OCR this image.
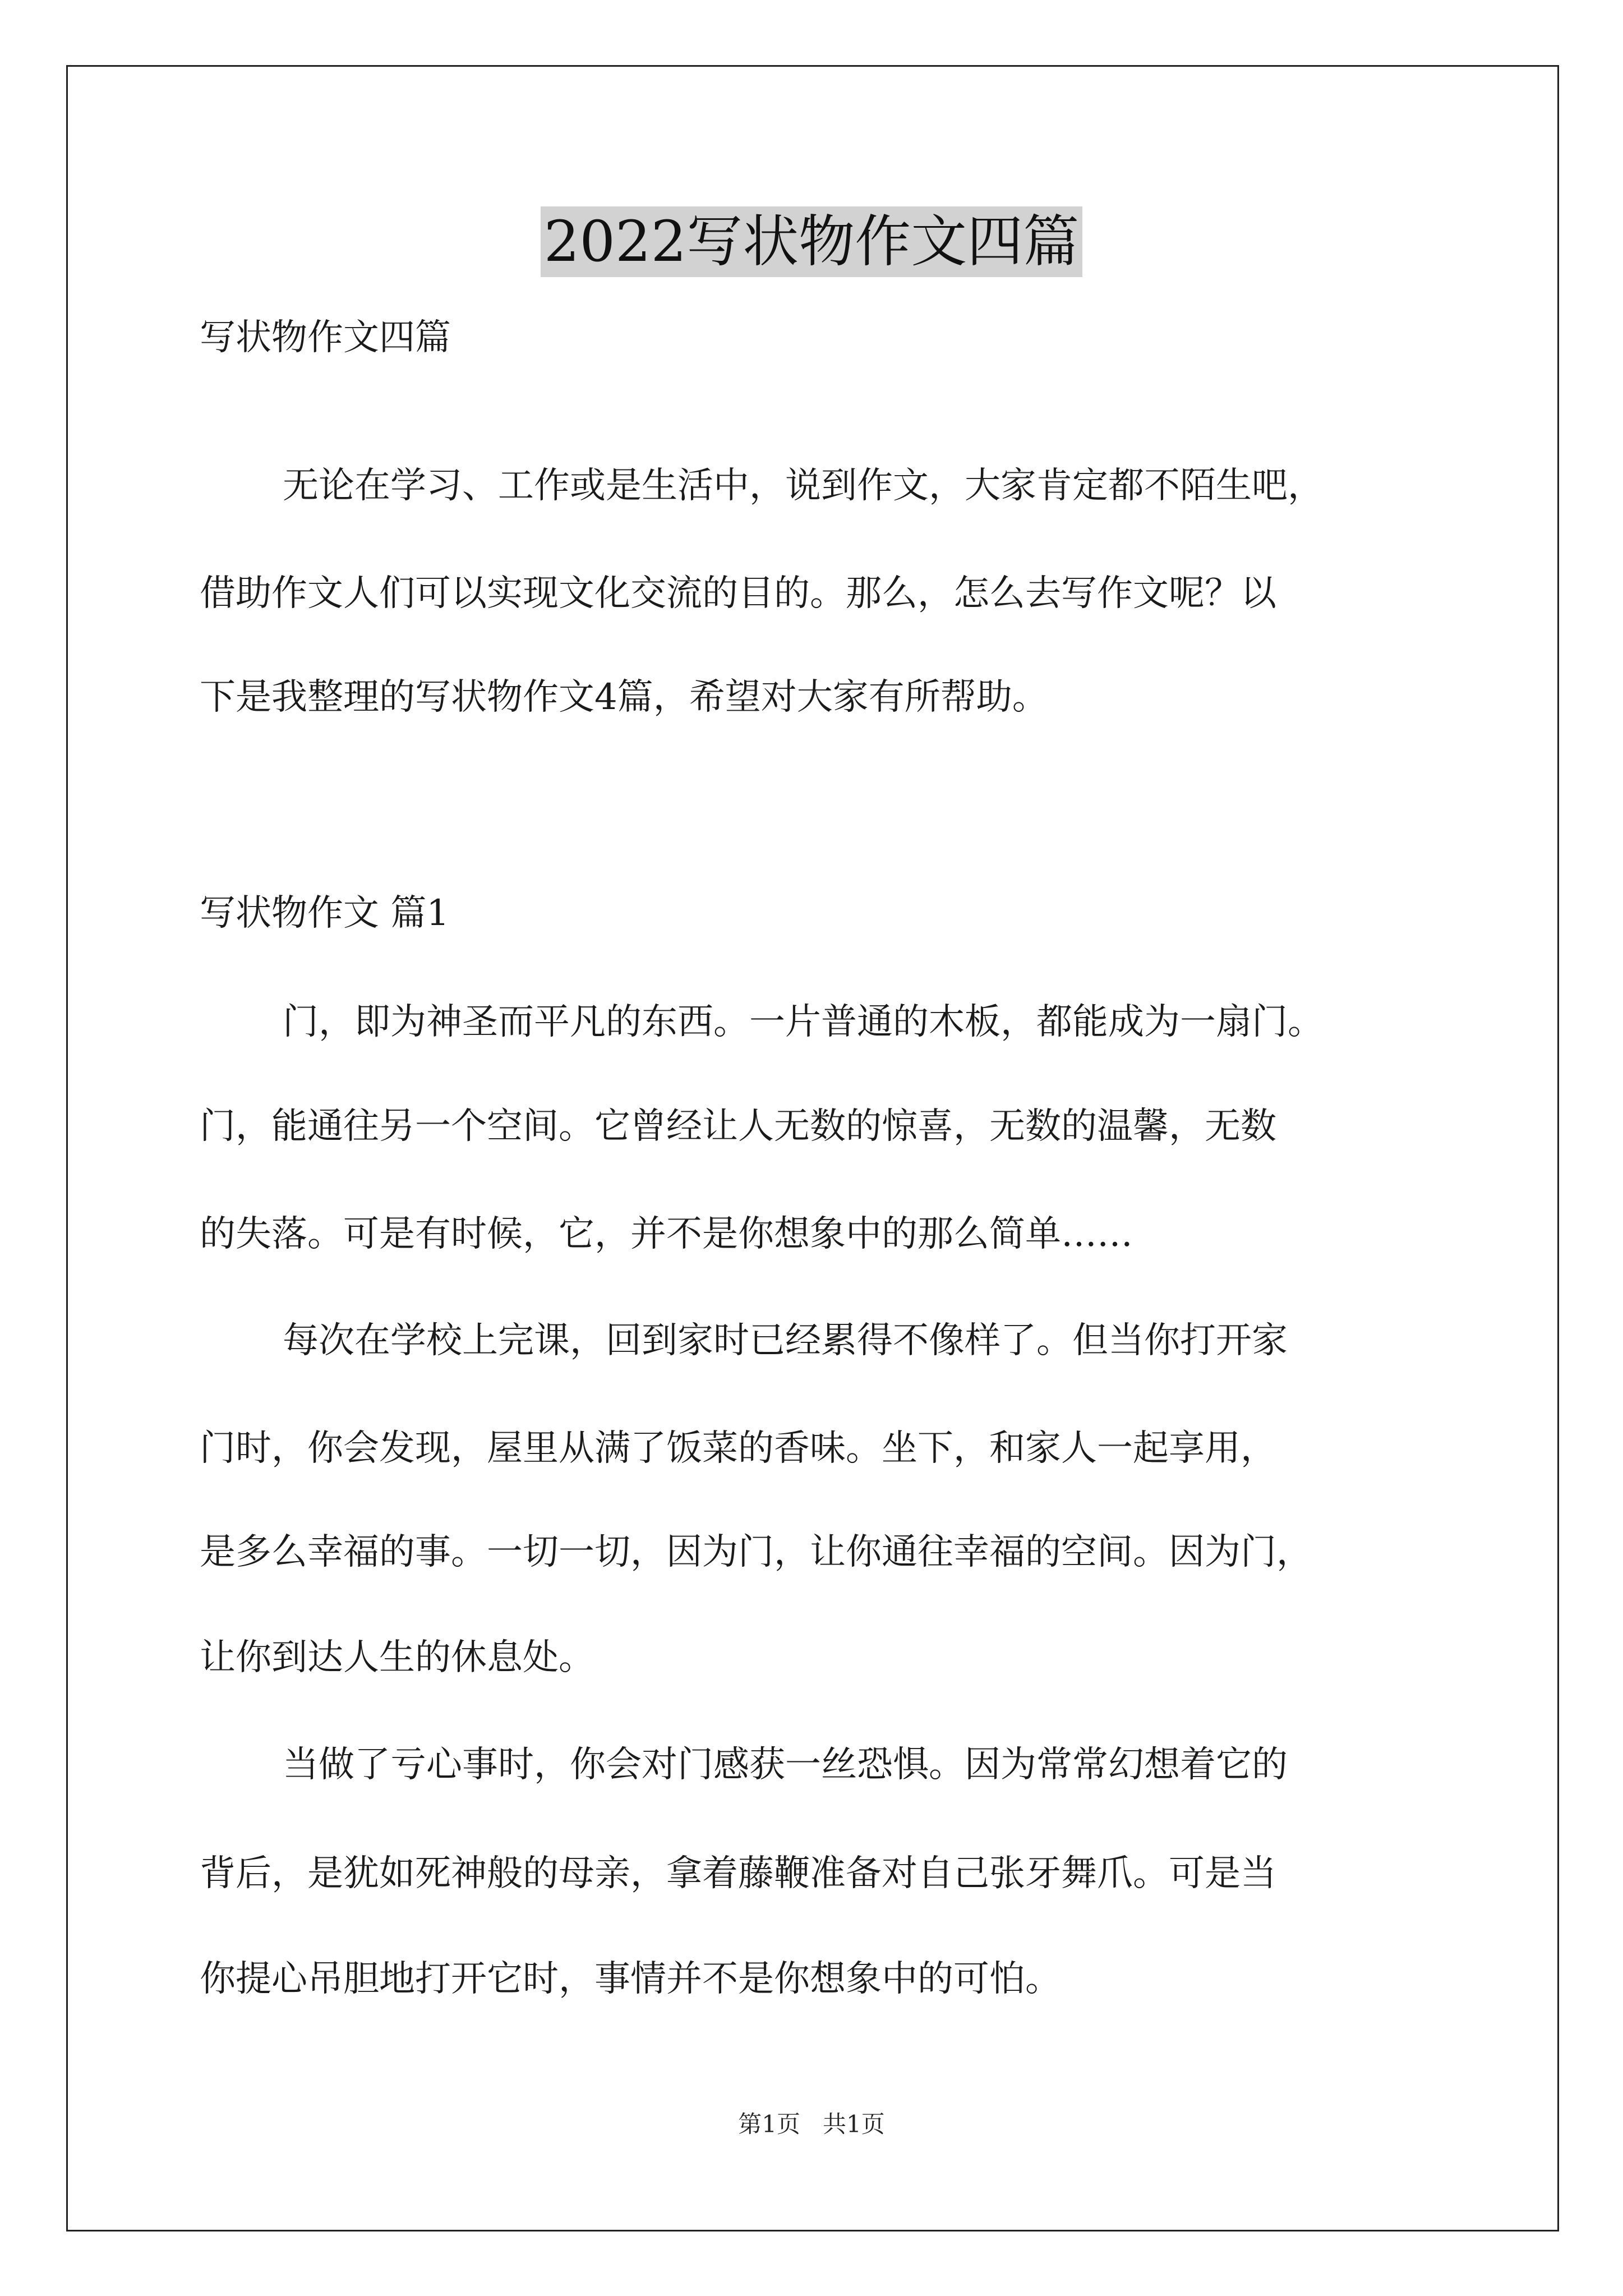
2022写状物作文四篇
写状物作文四篇
无论在学习、工作或是生活中，说到作文，大家肯定都不陌生吧，
借助作文人们可以实现文化交流的目的。那么，怎么去写作文呢？以
下是我整理的写状物作文4篇，希望对大家有所帮助。
写状物作文 篇1
门，即为神圣而平凡的东西。一片普通的木板，都能成为一扇门。
门，能通往另一个空间。它曾经让人无数的惊喜，无数的温馨，无数
的失落。可是有时候，它，并不是你想象中的那么简单……
每次在学校上完课，回到家时已经累得不像样了。但当你打开家
门时，你会发现，屋里从满了饭菜的香味。坐下，和家人一起享用，
是多么幸福的事。一切一切，因为门，让你通往幸福的空间。因为门，
让你到达人生的休息处。
当做了亏心事时，你会对门感获一丝恐惧。因为常常幻想着它的
背后，是犹如死神般的母亲，拿着藤鞭准备对自己张牙舞爪。可是当
你提心吊胆地打开它时，事情并不是你想象中的可怕。
第1页   共1页
